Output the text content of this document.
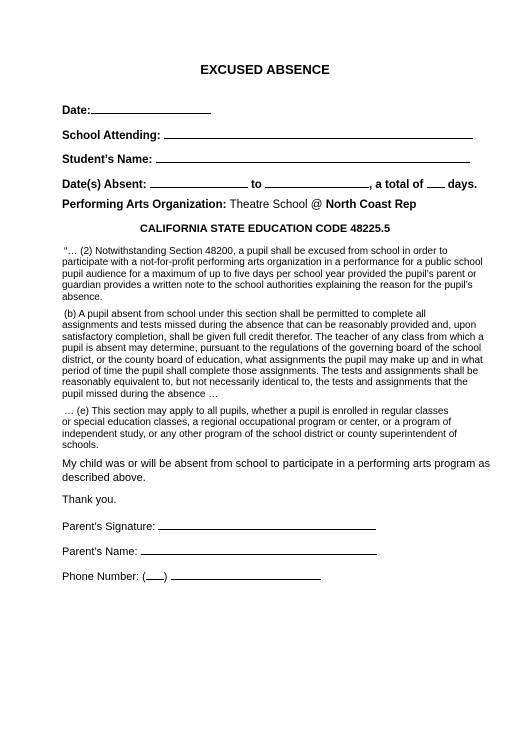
EXCUSED ABSENCE
Date:
School Attending:
Student’s Name:
Date(s) Absent:	to	, a total of days.
Performing Arts Organization: Theatre School @ North Coast Rep
CALIFORNIA STATE EDUCATION CODE 48225.5
“… (2) Notwithstanding Section 48200, a pupil shall be excused from school in order to
participate with a not-for-profit performing arts organization in a performance for a public school
pupil audience for a maximum of up to five days per school year provided the pupil’s parent or
guardian provides a written note to the school authorities explaining the reason for the pupil’s
absence.
(b) A pupil absent from school under this section shall be permitted to complete all
assignments and tests missed during the absence that can be reasonably provided and, upon
satisfactory completion, shall be given full credit therefor. The teacher of any class from which a
pupil is absent may determine, pursuant to the regulations of the governing board of the school
district, or the county board of education, what assignments the pupil may make up and in what
period of time the pupil shall complete those assignments. The tests and assignments shall be
reasonably equivalent to, but not necessarily identical to, the tests and assignments that the
pupil missed during the absence …
… (e) This section may apply to all pupils, whether a pupil is enrolled in regular classes
or special education classes, a regional occupational program or center, or a program of
independent study, or any other program of the school district or county superintendent of
schools.
My child was or will be absent from school to participate in a performing arts program as
described above.
Thank you.
Parent’s Signature:
Parent’s Name:
Phone Number: ( )
